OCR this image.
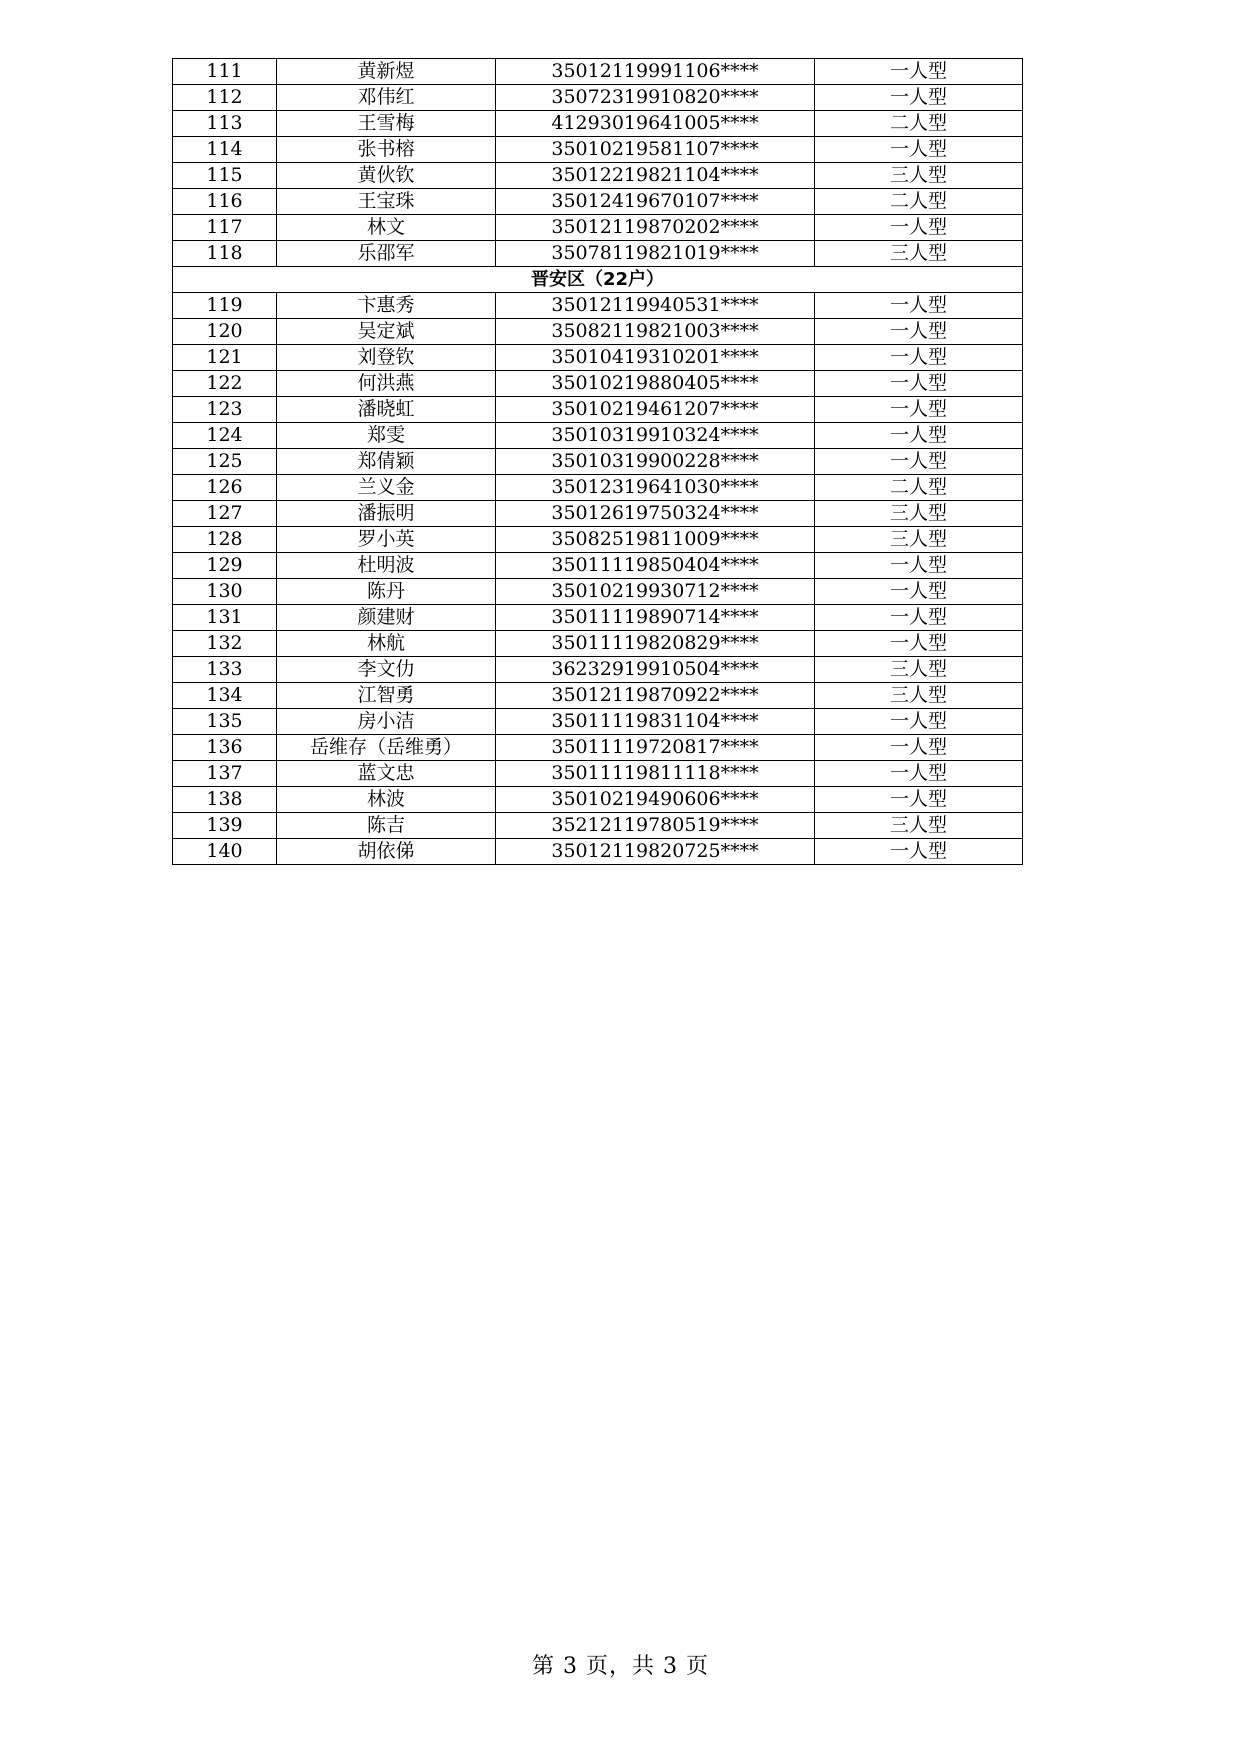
111	黄新煜	35012119991106****	一人型
112	邓伟红	35072319910820****	一人型
113	王雪梅	41293019641005****	二人型
114	张书榕	35010219581107****	一人型
115	黄伙钦	35012219821104****	三人型
116	王宝珠	35012419670107****	二人型
117	林文	35012119870202****	一人型
118	乐邵军	35078119821019****	三人型
晋安区（22户）			
119	卞惠秀	35012119940531****	一人型
120	吴定斌	35082119821003****	一人型
121	刘登钦	35010419310201****	一人型
122	何洪燕	35010219880405****	一人型
123	潘晓虹	35010219461207****	一人型
124	郑雯	35010319910324****	一人型
125	郑倩颖	35010319900228****	一人型
126	兰义金	35012319641030****	二人型
127	潘振明	35012619750324****	三人型
128	罗小英	35082519811009****	三人型
129	杜明波	35011119850404****	一人型
130	陈丹	35010219930712****	一人型
131	颜建财	35011119890714****	一人型
132	林航	35011119820829****	一人型
133	李文仂	36232919910504****	三人型
134	江智勇	35012119870922****	三人型
135	房小洁	35011119831104****	一人型
136	岳维存（岳维勇）	35011119720817****	一人型
137	蓝文忠	35011119811118****	一人型
138	林波	35010219490606****	一人型
139	陈吉	35212119780519****	三人型
140	胡依俤	35012119820725****	一人型
第 3 页，共 3 页
